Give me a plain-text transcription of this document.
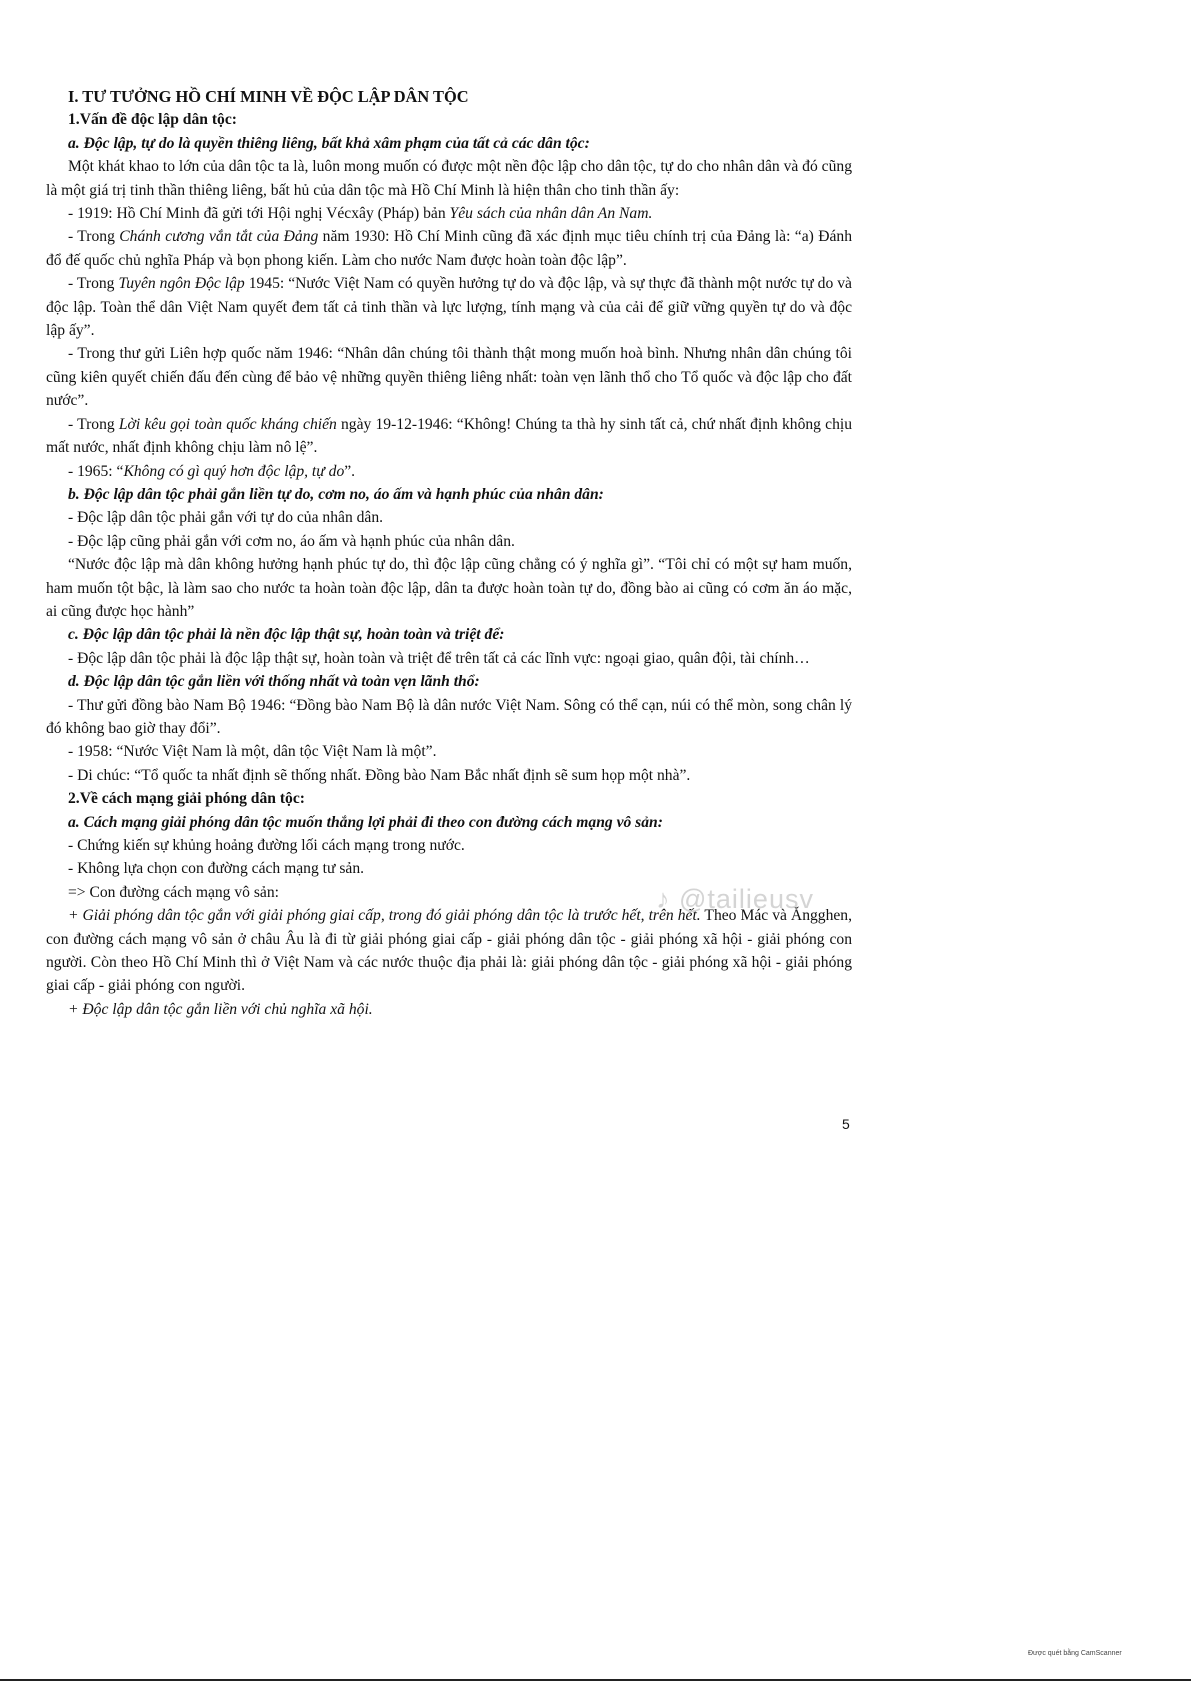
I. TƯ TƯỞNG HỒ CHÍ MINH VỀ ĐỘC LẬP DÂN TỘC

1.Vấn đề độc lập dân tộc:

a. Độc lập, tự do là quyền thiêng liêng, bất khả xâm phạm của tất cả các dân tộc:

Một khát khao to lớn của dân tộc ta là, luôn mong muốn có được một nền độc lập cho dân tộc, tự do cho nhân dân và đó cũng là một giá trị tinh thần thiêng liêng, bất hủ của dân tộc mà Hồ Chí Minh là hiện thân cho tinh thần ấy:

- 1919: Hồ Chí Minh đã gửi tới Hội nghị Vécxây (Pháp) bản Yêu sách của nhân dân An Nam.

- Trong Chánh cương vắn tắt của Đảng năm 1930: Hồ Chí Minh cũng đã xác định mục tiêu chính trị của Đảng là: “a) Đánh đổ đế quốc chủ nghĩa Pháp và bọn phong kiến. Làm cho nước Nam được hoàn toàn độc lập”.

- Trong Tuyên ngôn Độc lập 1945: “Nước Việt Nam có quyền hưởng tự do và độc lập, và sự thực đã thành một nước tự do và độc lập. Toàn thể dân Việt Nam quyết đem tất cả tinh thần và lực lượng, tính mạng và của cải để giữ vững quyền tự do và độc lập ấy”.

- Trong thư gửi Liên hợp quốc năm 1946: “Nhân dân chúng tôi thành thật mong muốn hoà bình. Nhưng nhân dân chúng tôi cũng kiên quyết chiến đấu đến cùng để bảo vệ những quyền thiêng liêng nhất: toàn vẹn lãnh thổ cho Tổ quốc và độc lập cho đất nước”.

- Trong Lời kêu gọi toàn quốc kháng chiến ngày 19-12-1946: “Không! Chúng ta thà hy sinh tất cả, chứ nhất định không chịu mất nước, nhất định không chịu làm nô lệ”.

- 1965: “Không có gì quý hơn độc lập, tự do”.

b. Độc lập dân tộc phải gắn liền tự do, cơm no, áo ấm và hạnh phúc của nhân dân:

- Độc lập dân tộc phải gắn với tự do của nhân dân.

- Độc lập cũng phải gắn với cơm no, áo ấm và hạnh phúc của nhân dân.

“Nước độc lập mà dân không hưởng hạnh phúc tự do, thì độc lập cũng chẳng có ý nghĩa gì”. “Tôi chỉ có một sự ham muốn, ham muốn tột bậc, là làm sao cho nước ta hoàn toàn độc lập, dân ta được hoàn toàn tự do, đồng bào ai cũng có cơm ăn áo mặc, ai cũng được học hành”

c. Độc lập dân tộc phải là nền độc lập thật sự, hoàn toàn và triệt để:

- Độc lập dân tộc phải là độc lập thật sự, hoàn toàn và triệt để trên tất cả các lĩnh vực: ngoại giao, quân đội, tài chính…

d. Độc lập dân tộc gắn liền với thống nhất và toàn vẹn lãnh thổ:

- Thư gửi đồng bào Nam Bộ 1946: “Đồng bào Nam Bộ là dân nước Việt Nam. Sông có thể cạn, núi có thể mòn, song chân lý đó không bao giờ thay đổi”.

- 1958: “Nước Việt Nam là một, dân tộc Việt Nam là một”.

- Di chúc: “Tổ quốc ta nhất định sẽ thống nhất. Đồng bào Nam Bắc nhất định sẽ sum họp một nhà”.

2.Về cách mạng giải phóng dân tộc:

a. Cách mạng giải phóng dân tộc muốn thắng lợi phải đi theo con đường cách mạng vô sản:

- Chứng kiến sự khủng hoảng đường lối cách mạng trong nước.

- Không lựa chọn con đường cách mạng tư sản.

=> Con đường cách mạng vô sản:

+ Giải phóng dân tộc gắn với giải phóng giai cấp, trong đó giải phóng dân tộc là trước hết, trên hết. Theo Mác và Ăngghen, con đường cách mạng vô sản ở châu Âu là đi từ giải phóng giai cấp - giải phóng dân tộc - giải phóng xã hội - giải phóng con người. Còn theo Hồ Chí Minh thì ở Việt Nam và các nước thuộc địa phải là: giải phóng dân tộc - giải phóng xã hội - giải phóng giai cấp - giải phóng con người.

+ Độc lập dân tộc gắn liền với chủ nghĩa xã hội.

♪ @tailieusv
5
Được quét bằng CamScanner
